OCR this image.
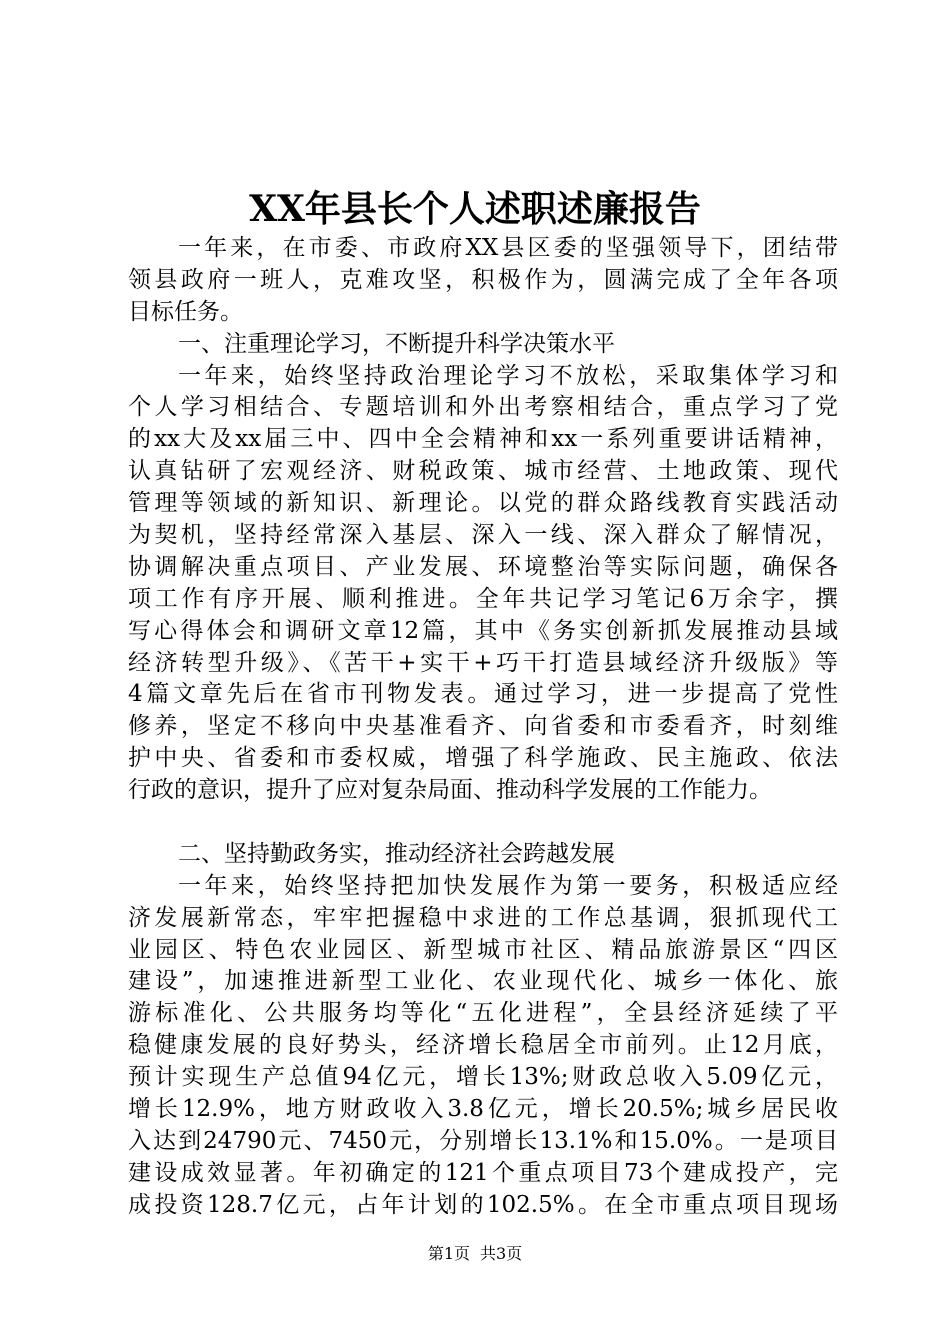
XX年县长个人述职述廉报告
一年来，在市委、市政府XX县区委的坚强领导下，团结带
领县政府一班人，克难攻坚，积极作为，圆满完成了全年各项
目标任务。
一、注重理论学习，不断提升科学决策水平
一年来，始终坚持政治理论学习不放松，采取集体学习和
个人学习相结合、专题培训和外出考察相结合，重点学习了党
的xx大及xx届三中、四中全会精神和xx一系列重要讲话精神，
认真钻研了宏观经济、财税政策、城市经营、土地政策、现代
管理等领域的新知识、新理论。以党的群众路线教育实践活动
为契机，坚持经常深入基层、深入一线、深入群众了解情况，
协调解决重点项目、产业发展、环境整治等实际问题，确保各
项工作有序开展、顺利推进。全年共记学习笔记6万余字，撰
写心得体会和调研文章12篇，其中《务实创新抓发展推动县域
经济转型升级》、《苦干+实干+巧干打造县域经济升级版》等
4篇文章先后在省市刊物发表。通过学习，进一步提高了党性
修养，坚定不移向中央基准看齐、向省委和市委看齐，时刻维
护中央、省委和市委权威，增强了科学施政、民主施政、依法
行政的意识，提升了应对复杂局面、推动科学发展的工作能力。
二、坚持勤政务实，推动经济社会跨越发展
一年来，始终坚持把加快发展作为第一要务，积极适应经
济发展新常态，牢牢把握稳中求进的工作总基调，狠抓现代工
业园区、特色农业园区、新型城市社区、精品旅游景区“四区
建设”，加速推进新型工业化、农业现代化、城乡一体化、旅
游标准化、公共服务均等化“五化进程”，全县经济延续了平
稳健康发展的良好势头，经济增长稳居全市前列。止12月底，
预计实现生产总值94亿元，增长13%;财政总收入5.09亿元，
增长12.9%，地方财政收入3.8亿元，增长20.5%;城乡居民收
入达到24790元、7450元，分别增长13.1%和15.0%。一是项目
建设成效显著。年初确定的121个重点项目73个建成投产，完
成投资128.7亿元，占年计划的102.5%。在全市重点项目现场
第1页 共3页
